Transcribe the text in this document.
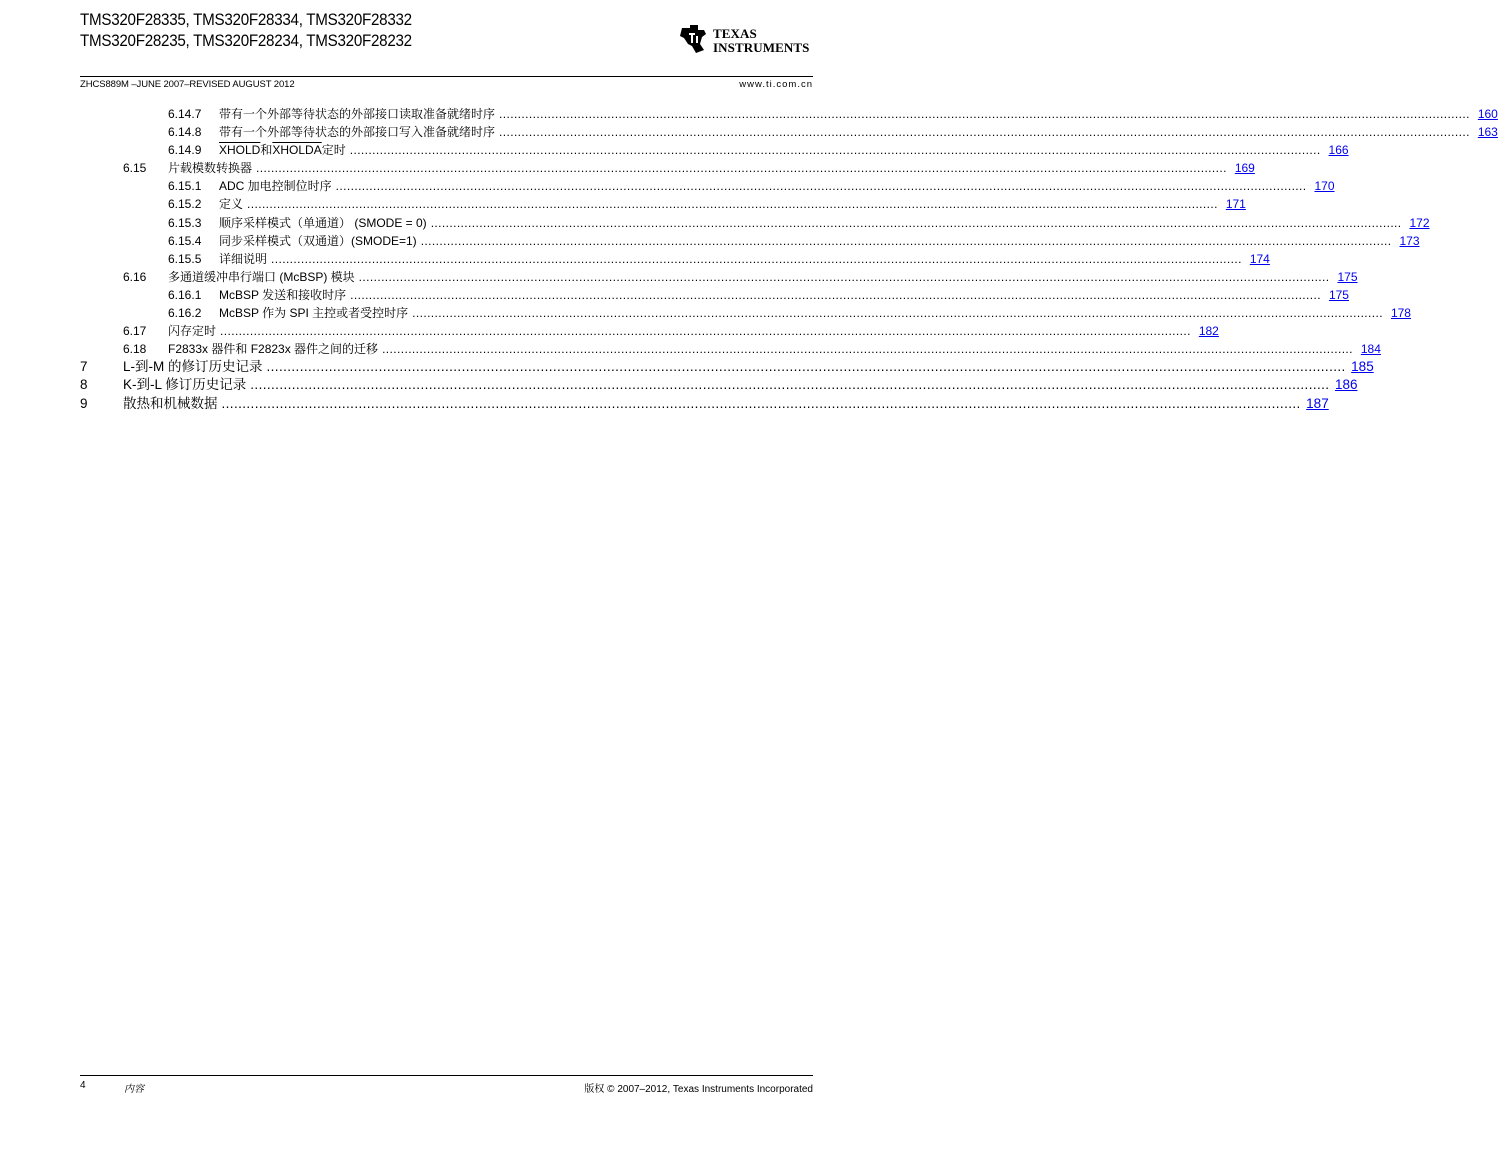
TMS320F28335, TMS320F28334, TMS320F28332
TMS320F28235, TMS320F28234, TMS320F28232	TEXAS
INSTRUMENTS
ZHCS889M –JUNE 2007–REVISED AUGUST 2012	www.ti.com.cn
6.14.7 带有一个外部等待状态的外部接口读取准备就绪时序 .................................................................................................................................................................................................................................................................... 160
6.14.8 带有一个外部等待状态的外部接口写入准备就绪时序 .................................................................................................................................................................................................................................................................... 163
6.14.9 XHOLD和XHOLDA定时 .................................................................................................................................................................................................................................................................... 166
6.15 片载模数转换器 .................................................................................................................................................................................................................................................................... 169
6.15.1 ADC 加电控制位时序 .................................................................................................................................................................................................................................................................... 170
6.15.2 定义 .................................................................................................................................................................................................................................................................... 171
6.15.3 顺序采样模式（单通道） (SMODE = 0) .................................................................................................................................................................................................................................................................... 172
6.15.4 同步采样模式（双通道）(SMODE=1) .................................................................................................................................................................................................................................................................... 173
6.15.5 详细说明 .................................................................................................................................................................................................................................................................... 174
6.16 多通道缓冲串行端口 (McBSP) 模块 .................................................................................................................................................................................................................................................................... 175
6.16.1 McBSP 发送和接收时序 .................................................................................................................................................................................................................................................................... 175
6.16.2 McBSP 作为 SPI 主控或者受控时序 .................................................................................................................................................................................................................................................................... 178
6.17 闪存定时 .................................................................................................................................................................................................................................................................... 182
6.18 F2833x 器件和 F2823x 器件之间的迁移 .................................................................................................................................................................................................................................................................... 184
7	L-到-M 的修订历史记录 .................................................................................................................................................................................................................................................................... 185
8	K-到-L 修订历史记录 .................................................................................................................................................................................................................................................................... 186
9	散热和机械数据 .................................................................................................................................................................................................................................................................... 187
4	内容	版权 © 2007–2012, Texas Instruments Incorporated
